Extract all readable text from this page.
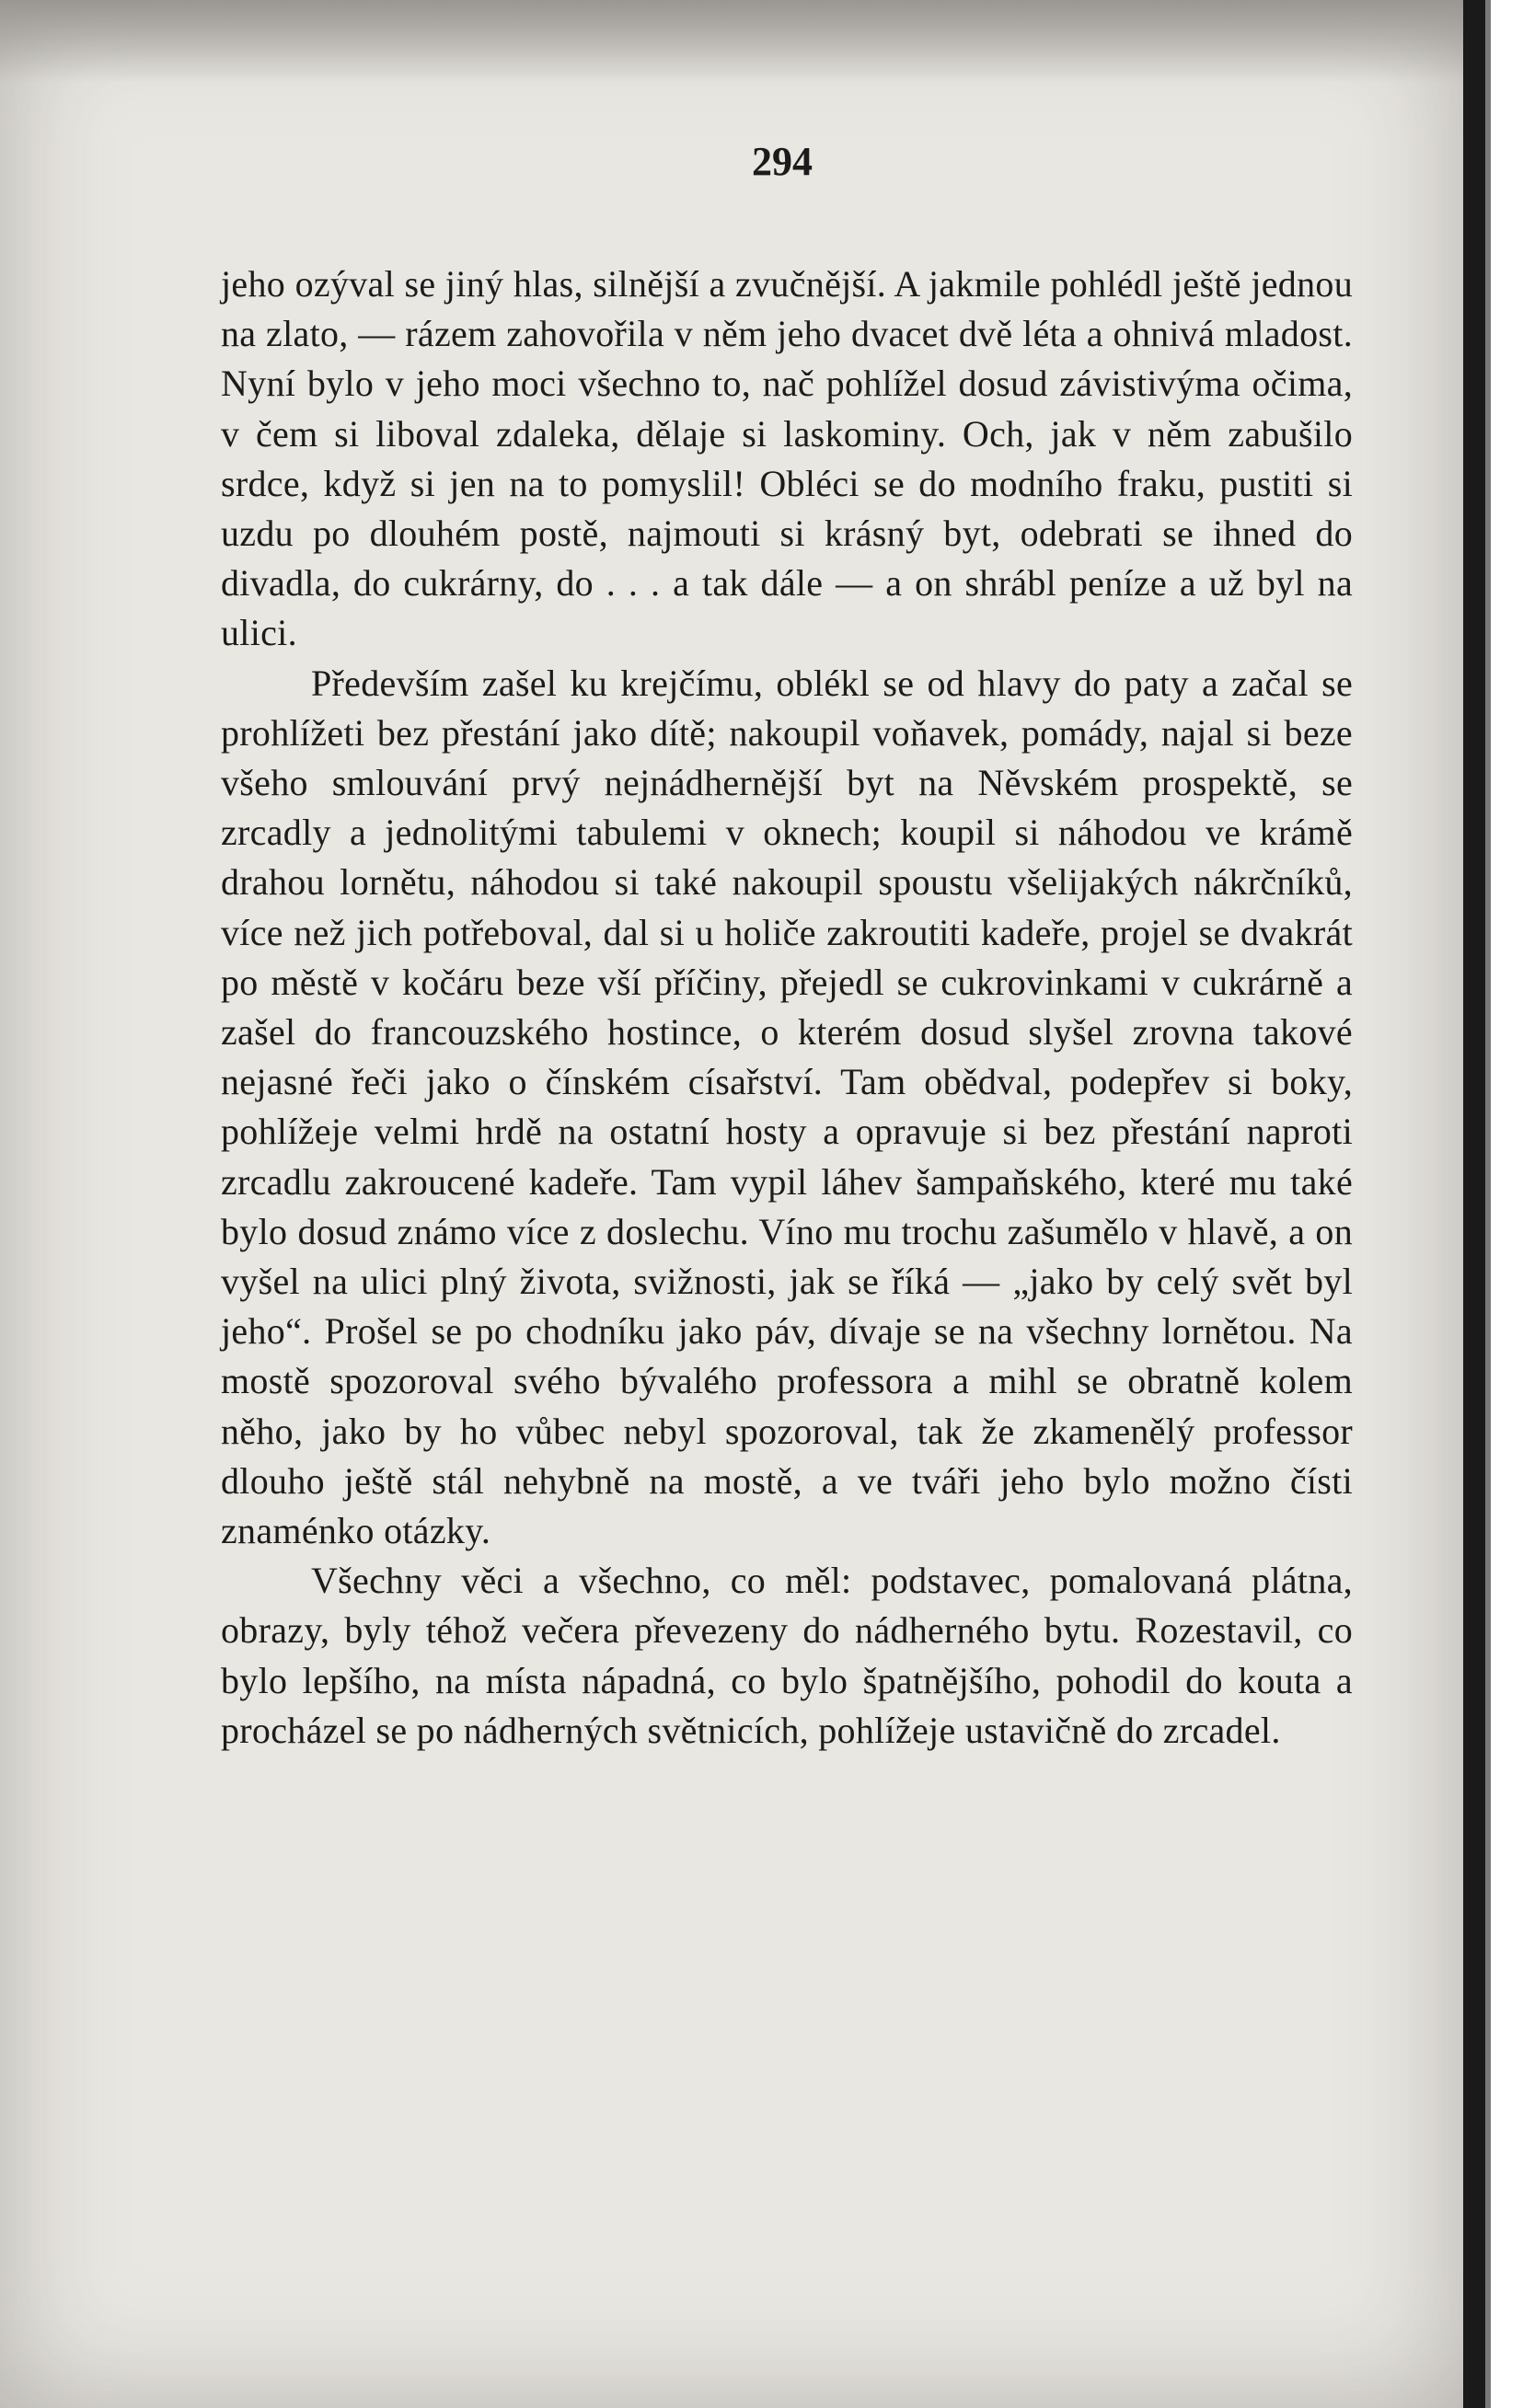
294

jeho ozýval se jiný hlas, silnější a zvučnější. A jakmile pohlédl ještě jednou na zlato, — rázem zahovořila v něm jeho dvacet dvě léta a ohnivá mladost. Nyní bylo v jeho moci všechno to, nač pohlížel dosud závistivýma očima, v čem si liboval zdaleka, dělaje si laskominy. Och, jak v něm zabušilo srdce, když si jen na to pomyslil! Obléci se do modního fraku, pustiti si uzdu po dlouhém postě, najmouti si krásný byt, odebrati se ihned do divadla, do cukrárny, do . . . a tak dále — a on shrábl peníze a už byl na ulici.

Především zašel ku krejčímu, oblékl se od hlavy do paty a začal se prohlížeti bez přestání jako dítě; nakoupil voňavek, pomády, najal si beze všeho smlouvání prvý nejnádhernější byt na Něvském prospektě, se zrcadly a jednolitými tabulemi v oknech; koupil si náhodou ve krámě drahou lornětu, náhodou si také nakoupil spoustu všelijakých nákrčníků, více než jich potřeboval, dal si u holiče zakroutiti kadeře, projel se dvakrát po městě v kočáru beze vší příčiny, přejedl se cukrovinkami v cukrárně a zašel do francouzského hostince, o kterém dosud slyšel zrovna takové nejasné řeči jako o čínském císařství. Tam obědval, podepřev si boky, pohlížeje velmi hrdě na ostatní hosty a opravuje si bez přestání naproti zrcadlu zakroucené kadeře. Tam vypil láhev šampaňského, které mu také bylo dosud známo více z doslechu. Víno mu trochu zašumělo v hlavě, a on vyšel na ulici plný života, svižnosti, jak se říká — „jako by celý svět byl jeho“. Prošel se po chodníku jako páv, dívaje se na všechny lornětou. Na mostě spozoroval svého bývalého professora a mihl se obratně kolem něho, jako by ho vůbec nebyl spozoroval, tak že zkamenělý professor dlouho ještě stál nehybně na mostě, a ve tváři jeho bylo možno čísti znaménko otázky.

Všechny věci a všechno, co měl: podstavec, pomalovaná plátna, obrazy, byly téhož večera převezeny do nádherného bytu. Rozestavil, co bylo lepšího, na místa nápadná, co bylo špatnějšího, pohodil do kouta a procházel se po nádherných světnicích, pohlížeje ustavičně do zrcadel.
